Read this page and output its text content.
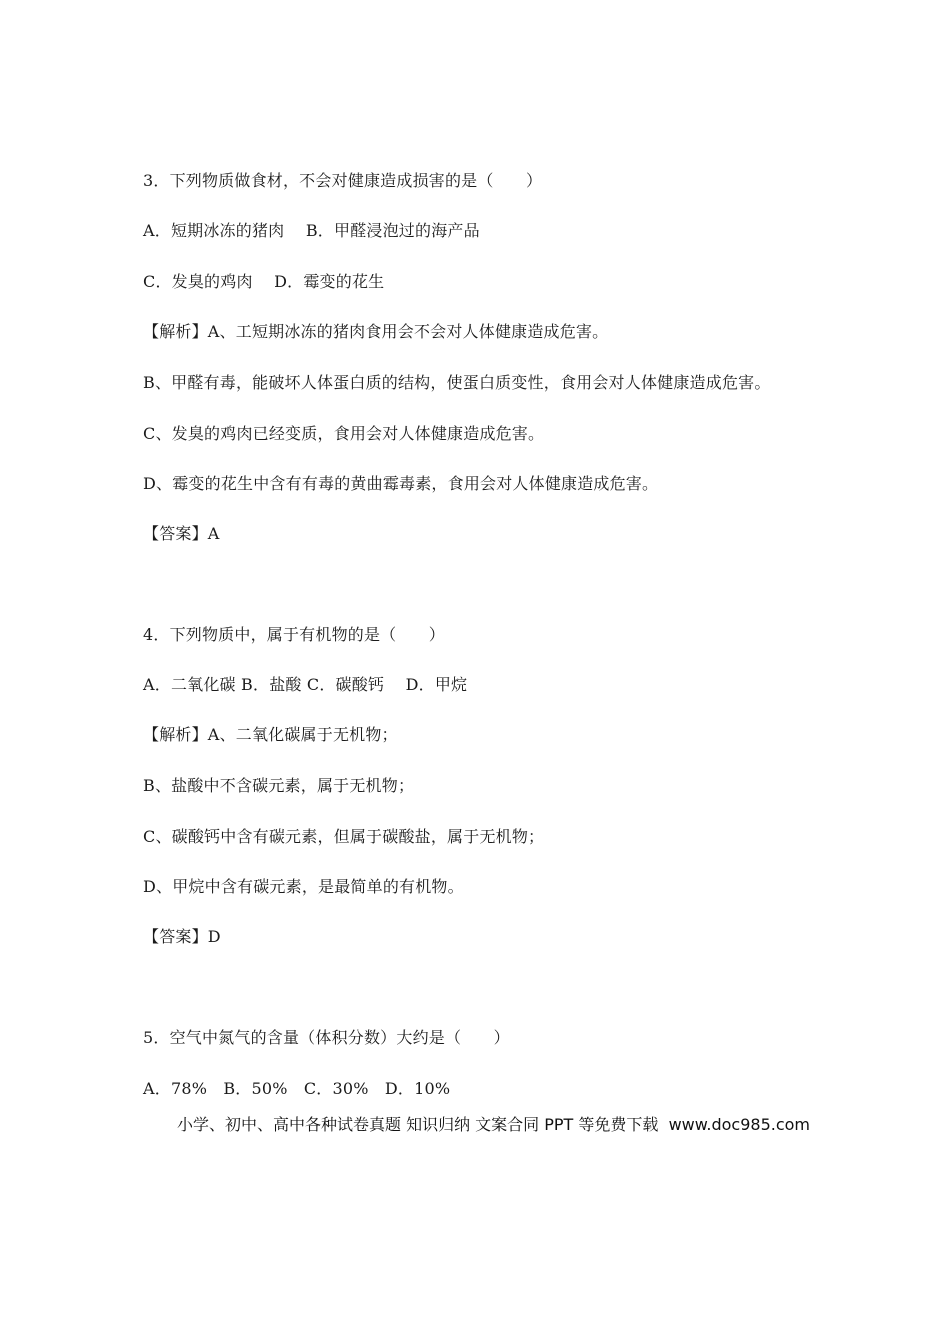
3．下列物质做食材，不会对健康造成损害的是（　　）
A．短期冰冻的猪肉　 B．甲醛浸泡过的海产品
C．发臭的鸡肉　 D．霉变的花生
【解析】A、工短期冰冻的猪肉食用会不会对人体健康造成危害。
B、甲醛有毒，能破坏人体蛋白质的结构，使蛋白质变性，食用会对人体健康造成危害。
C、发臭的鸡肉已经变质，食用会对人体健康造成危害。
D、霉变的花生中含有有毒的黄曲霉毒素，食用会对人体健康造成危害。
【答案】A
4．下列物质中，属于有机物的是（　　）
A．二氧化碳 B．盐酸 C．碳酸钙　 D．甲烷
【解析】A、二氧化碳属于无机物；
B、盐酸中不含碳元素，属于无机物；
C、碳酸钙中含有碳元素，但属于碳酸盐，属于无机物；
D、甲烷中含有碳元素，是最简单的有机物。
【答案】D
5．空气中氮气的含量（体积分数）大约是（　　）
A．78%　B．50%　C．30%　D．10%
小学、初中、高中各种试卷真题 知识归纳 文案合同 PPT 等免费下载  www.doc985.com
